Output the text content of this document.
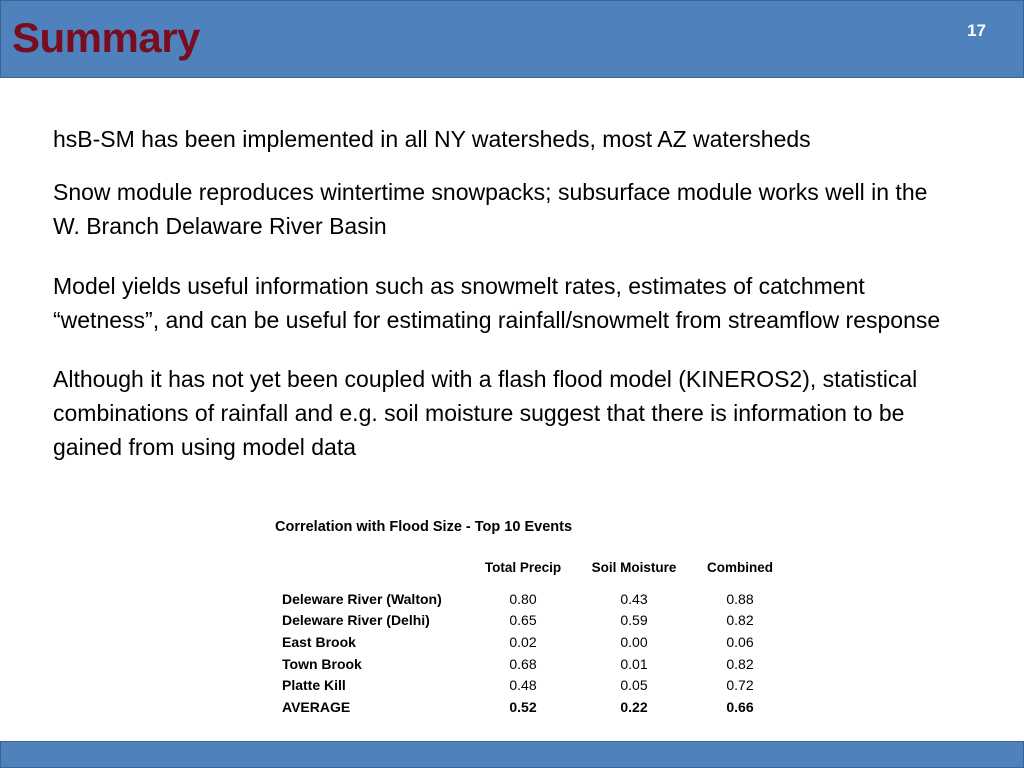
Summary	17

hsB-SM has been implemented in all NY watersheds, most AZ watersheds

Snow module reproduces wintertime snowpacks; subsurface module works well in the W. Branch Delaware River Basin

Model yields useful information such as snowmelt rates, estimates of catchment “wetness”, and can be useful for estimating rainfall/snowmelt from streamflow response

Although it has not yet been coupled with a flash flood model (KINEROS2), statistical combinations of rainfall and e.g. soil moisture suggest that there is information to be gained from using model data

Correlation with Flood Size - Top 10 Events
	Total Precip	Soil Moisture	Combined

Deleware River (Walton)	0.80	0.43	0.88
Deleware River (Delhi)	0.65	0.59	0.82
East Brook	0.02	0.00	0.06
Town Brook	0.68	0.01	0.82
Platte Kill	0.48	0.05	0.72
AVERAGE	0.52	0.22	0.66
